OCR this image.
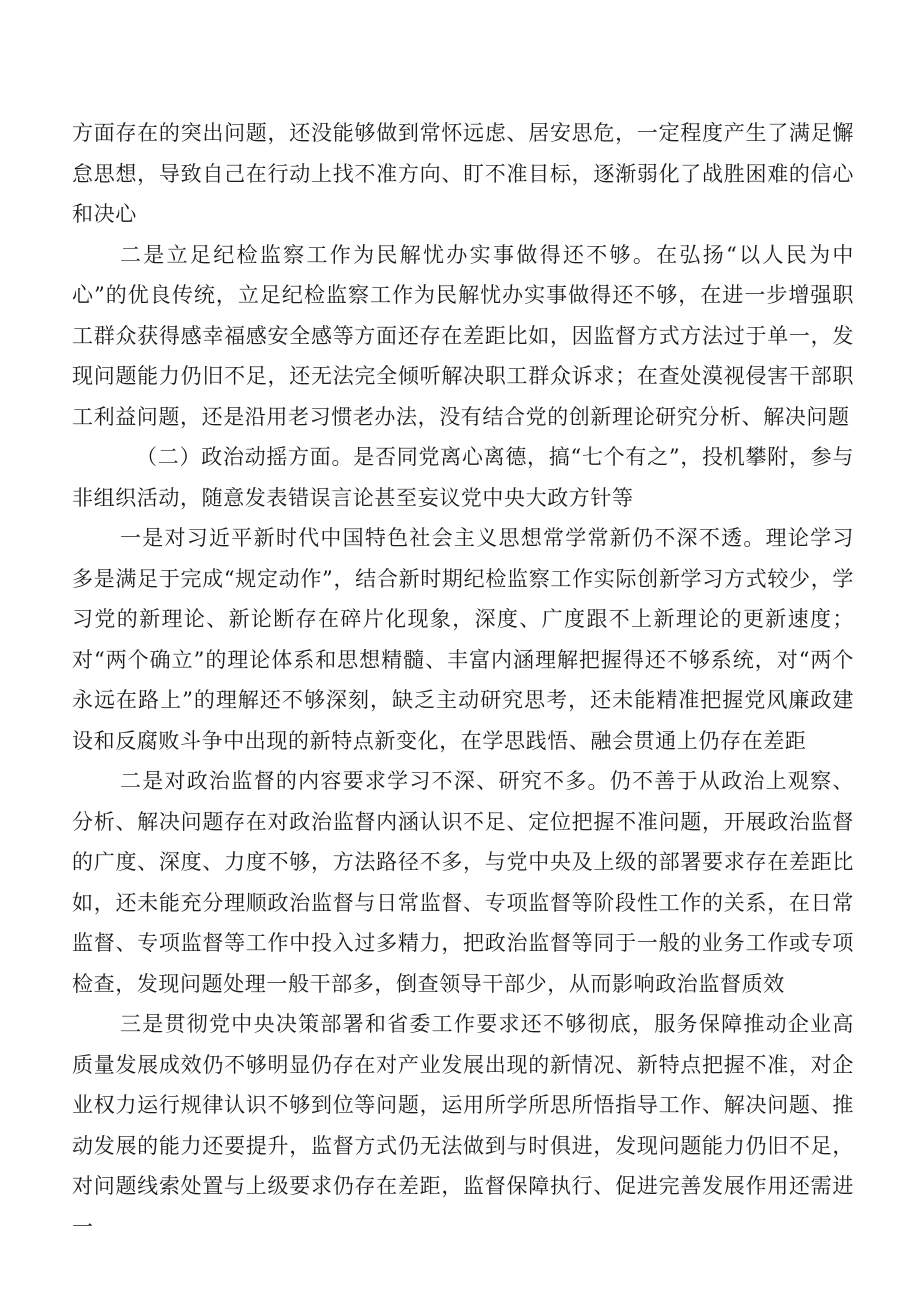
方面存在的突出问题，还没能够做到常怀远虑、居安思危，一定程度产生了满足懈怠思想，导致自己在行动上找不准方向、盯不准目标，逐渐弱化了战胜困难的信心和决心

二是立足纪检监察工作为民解忧办实事做得还不够。在弘扬“以人民为中心”的优良传统，立足纪检监察工作为民解忧办实事做得还不够，在进一步增强职工群众获得感幸福感安全感等方面还存在差距比如，因监督方式方法过于单一，发现问题能力仍旧不足，还无法完全倾听解决职工群众诉求；在查处漠视侵害干部职工利益问题，还是沿用老习惯老办法，没有结合党的创新理论研究分析、解决问题

（二）政治动摇方面。是否同党离心离德，搞“七个有之”，投机攀附，参与非组织活动，随意发表错误言论甚至妄议党中央大政方针等

一是对习近平新时代中国特色社会主义思想常学常新仍不深不透。理论学习多是满足于完成“规定动作”，结合新时期纪检监察工作实际创新学习方式较少，学习党的新理论、新论断存在碎片化现象，深度、广度跟不上新理论的更新速度；对“两个确立”的理论体系和思想精髓、丰富内涵理解把握得还不够系统，对“两个永远在路上”的理解还不够深刻，缺乏主动研究思考，还未能精准把握党风廉政建设和反腐败斗争中出现的新特点新变化，在学思践悟、融会贯通上仍存在差距

二是对政治监督的内容要求学习不深、研究不多。仍不善于从政治上观察、分析、解决问题存在对政治监督内涵认识不足、定位把握不准问题，开展政治监督的广度、深度、力度不够，方法路径不多，与党中央及上级的部署要求存在差距比如，还未能充分理顺政治监督与日常监督、专项监督等阶段性工作的关系，在日常监督、专项监督等工作中投入过多精力，把政治监督等同于一般的业务工作或专项检查，发现问题处理一般干部多，倒查领导干部少，从而影响政治监督质效

三是贯彻党中央决策部署和省委工作要求还不够彻底，服务保障推动企业高质量发展成效仍不够明显仍存在对产业发展出现的新情况、新特点把握不准，对企业权力运行规律认识不够到位等问题，运用所学所思所悟指导工作、解决问题、推动发展的能力还要提升，监督方式仍无法做到与时俱进，发现问题能力仍旧不足，对问题线索处置与上级要求仍存在差距，监督保障执行、促进完善发展作用还需进一
